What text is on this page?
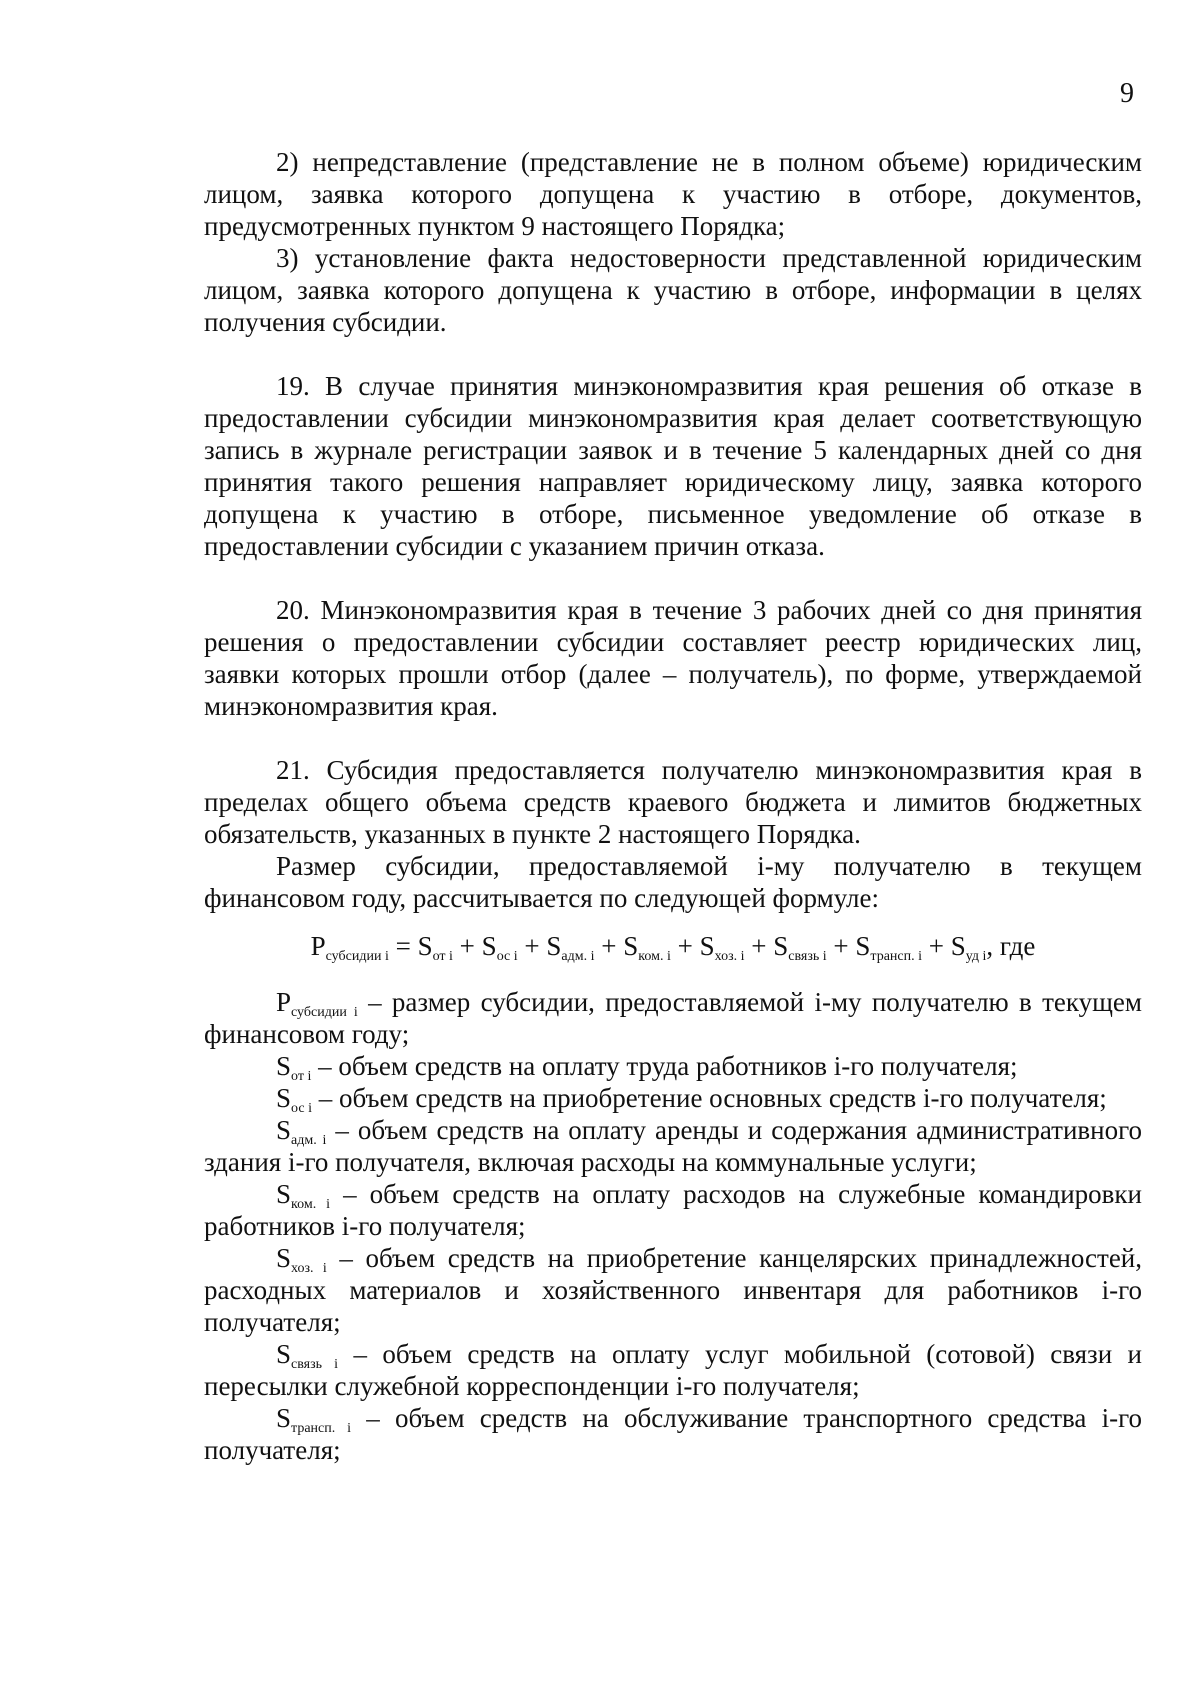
9

2) непредставление (представление не в полном объеме) юридическим лицом, заявка которого допущена к участию в отборе, документов, предусмотренных пунктом 9 настоящего Порядка;

3) установление факта недостоверности представленной юридическим лицом, заявка которого допущена к участию в отборе, информации в целях получения субсидии.

19. В случае принятия минэкономразвития края решения об отказе в предоставлении субсидии минэкономразвития края делает соответствующую запись в журнале регистрации заявок и в течение 5 календарных дней со дня принятия такого решения направляет юридическому лицу, заявка которого допущена к участию в отборе, письменное уведомление об отказе в предоставлении субсидии с указанием причин отказа.

20. Минэкономразвития края в течение 3 рабочих дней со дня принятия решения о предоставлении субсидии составляет реестр юридических лиц, заявки которых прошли отбор (далее – получатель), по форме, утверждаемой минэкономразвития края.

21. Субсидия предоставляется получателю минэкономразвития края в пределах общего объема средств краевого бюджета и лимитов бюджетных обязательств, указанных в пункте 2 настоящего Порядка.

Размер субсидии, предоставляемой i-му получателю в текущем финансовом году, рассчитывается по следующей формуле:

$P_{субсидии i} = S_{от i} + S_{ос i} + S_{адм. i} + S_{ком. i} + S_{хоз. i} + S_{связь i} + S_{трансп. i} + S_{уд i}$, где

$P_{субсидии i}$ – размер субсидии, предоставляемой i-му получателю в текущем финансовом году;

$S_{от i}$ – объем средств на оплату труда работников i-го получателя;

$S_{ос i}$ – объем средств на приобретение основных средств i-го получателя;

$S_{адм. i}$ – объем средств на оплату аренды и содержания административного здания i-го получателя, включая расходы на коммунальные услуги;

$S_{ком. i}$ – объем средств на оплату расходов на служебные командировки работников i-го получателя;

$S_{хоз. i}$ – объем средств на приобретение канцелярских принадлежностей, расходных материалов и хозяйственного инвентаря для работников i-го получателя;

$S_{связь i}$ – объем средств на оплату услуг мобильной (сотовой) связи и пересылки служебной корреспонденции i-го получателя;

$S_{трансп. i}$ – объем средств на обслуживание транспортного средства i-го получателя;
